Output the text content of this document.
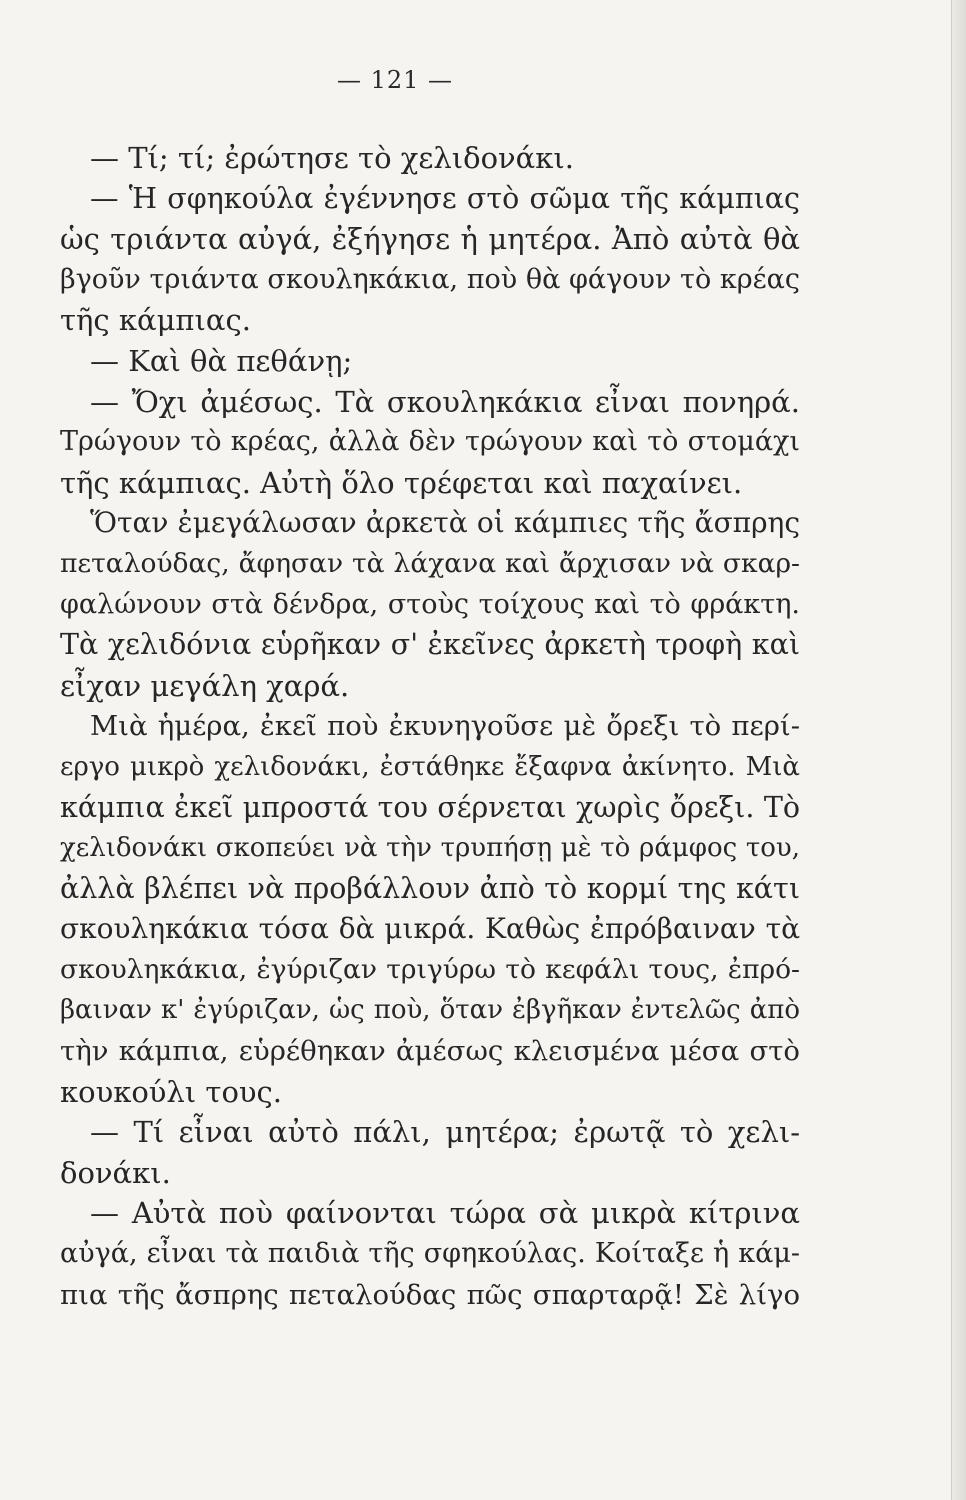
— 121 —
— Τί; τί; ἐρώτησε τὸ χελιδονάκι.
— Ἡ σφηκούλα ἐγέννησε στὸ σῶμα τῆς κάμπιας
ὡς τριάντα αὐγά, ἐξήγησε ἡ μητέρα. Ἀπὸ αὐτὰ θὰ
βγοῦν τριάντα σκουληκάκια, ποὺ θὰ φάγουν τὸ κρέας
τῆς κάμπιας.
— Καὶ θὰ πεθάνῃ;
— Ὄχι ἀμέσως. Τὰ σκουληκάκια εἶναι πονηρά.
Τρώγουν τὸ κρέας, ἀλλὰ δὲν τρώγουν καὶ τὸ στομάχι
τῆς κάμπιας. Αὐτὴ ὅλο τρέφεται καὶ παχαίνει.
Ὅταν ἐμεγάλωσαν ἀρκετὰ οἱ κάμπιες τῆς ἄσπρης
πεταλούδας, ἄφησαν τὰ λάχανα καὶ ἄρχισαν νὰ σκαρ-
φαλώνουν στὰ δένδρα, στοὺς τοίχους καὶ τὸ φράκτη.
Τὰ χελιδόνια εὑρῆκαν σ' ἐκεῖνες ἀρκετὴ τροφὴ καὶ
εἶχαν μεγάλη χαρά.
Μιὰ ἡμέρα, ἐκεῖ ποὺ ἐκυνηγοῦσε μὲ ὄρεξι τὸ περί-
εργο μικρὸ χελιδονάκι, ἐστάθηκε ἔξαφνα ἀκίνητο. Μιὰ
κάμπια ἐκεῖ μπροστά του σέρνεται χωρὶς ὄρεξι. Τὸ
χελιδονάκι σκοπεύει νὰ τὴν τρυπήσῃ μὲ τὸ ράμφος του,
ἀλλὰ βλέπει νὰ προβάλλουν ἀπὸ τὸ κορμί της κάτι
σκουληκάκια τόσα δὰ μικρά. Καθὼς ἐπρόβαιναν τὰ
σκουληκάκια, ἐγύριζαν τριγύρω τὸ κεφάλι τους, ἐπρό-
βαιναν κ' ἐγύριζαν, ὡς ποὺ, ὅταν ἐβγῆκαν ἐντελῶς ἀπὸ
τὴν κάμπια, εὑρέθηκαν ἀμέσως κλεισμένα μέσα στὸ
κουκούλι τους.
— Τί εἶναι αὐτὸ πάλι, μητέρα; ἐρωτᾷ τὸ χελι-
δονάκι.
— Αὐτὰ ποὺ φαίνονται τώρα σὰ μικρὰ κίτρινα
αὐγά, εἶναι τὰ παιδιὰ τῆς σφηκούλας. Κοίταξε ἡ κάμ-
πια τῆς ἄσπρης πεταλούδας πῶς σπαρταρᾷ! Σὲ λίγο
